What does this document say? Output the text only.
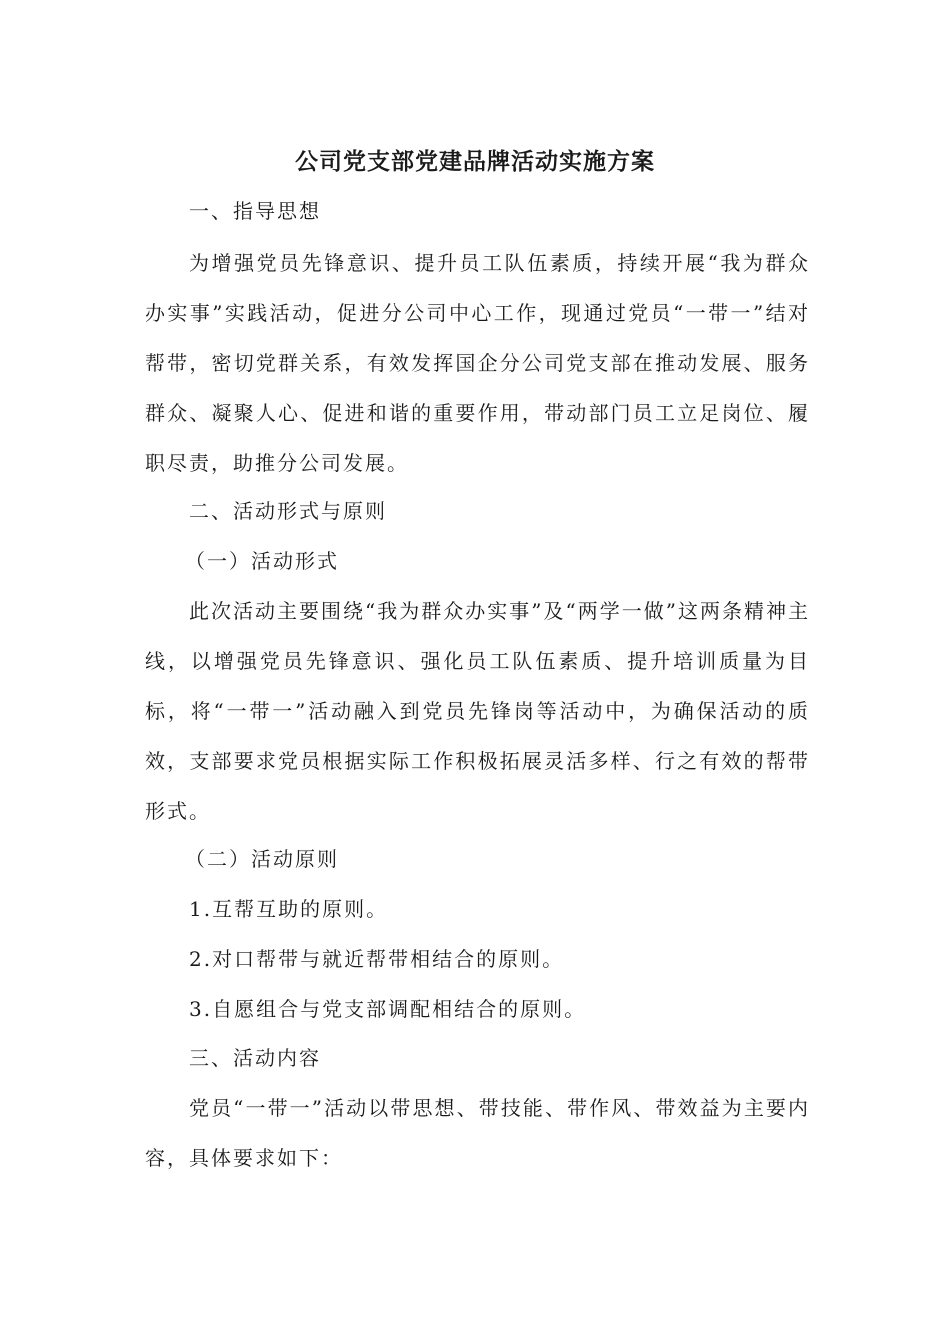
公司党支部党建品牌活动实施方案

一、指导思想

为增强党员先锋意识、提升员工队伍素质，持续开展“我为群众办实事”实践活动，促进分公司中心工作，现通过党员“一带一”结对帮带，密切党群关系，有效发挥国企分公司党支部在推动发展、服务群众、凝聚人心、促进和谐的重要作用，带动部门员工立足岗位、履职尽责，助推分公司发展。

二、活动形式与原则

（一）活动形式

此次活动主要围绕“我为群众办实事”及“两学一做”这两条精神主线，以增强党员先锋意识、强化员工队伍素质、提升培训质量为目标，将“一带一”活动融入到党员先锋岗等活动中，为确保活动的质效，支部要求党员根据实际工作积极拓展灵活多样、行之有效的帮带形式。

（二）活动原则

1.互帮互助的原则。

2.对口帮带与就近帮带相结合的原则。

3.自愿组合与党支部调配相结合的原则。

三、活动内容

党员“一带一”活动以带思想、带技能、带作风、带效益为主要内容，具体要求如下：
